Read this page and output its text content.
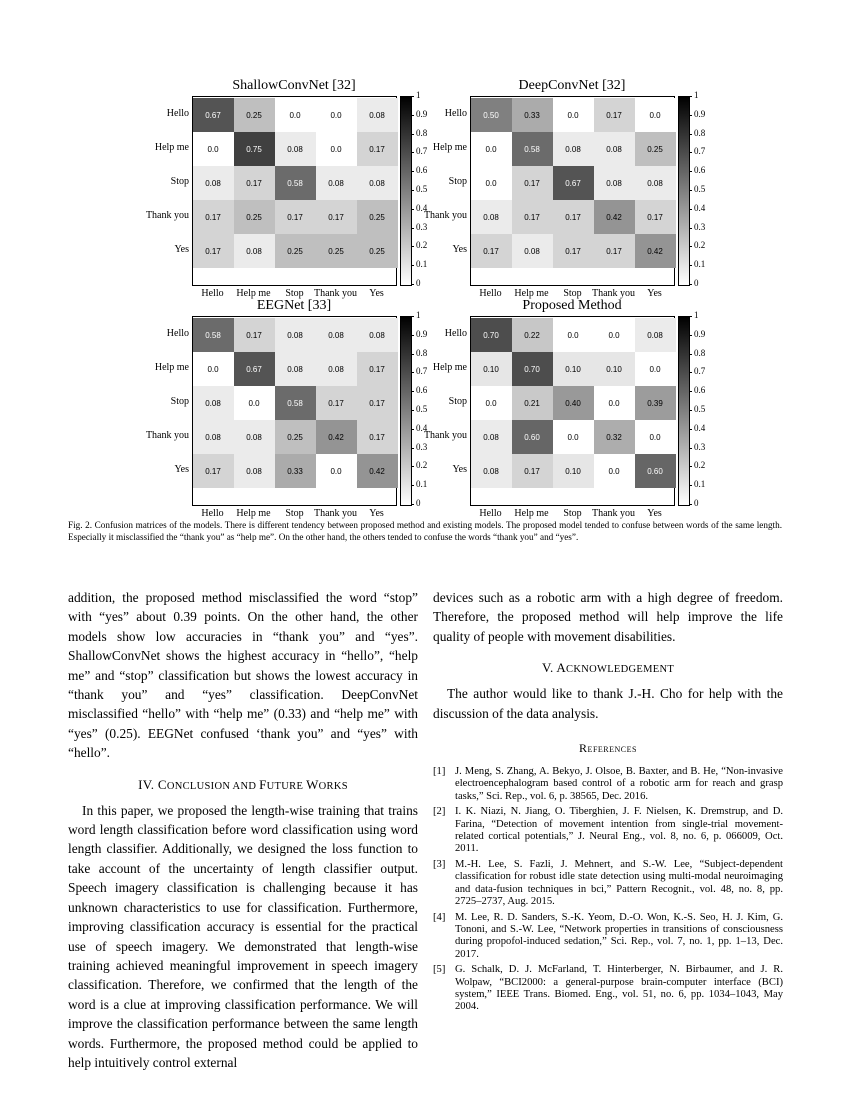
ShallowConvNet [32]
0.67	0.25	0.0	0.0	0.08
0.0	0.75	0.08	0.0	0.17
0.08	0.17	0.58	0.08	0.08
0.17	0.25	0.17	0.17	0.25
0.17	0.08	0.25	0.25	0.25
Hello
Help me
Stop
Thank you
Yes
Hello Help me Stop Thank you Yes
1
0.9
0.8
0.7
0.6
0.5
0.4
0.3
0.2
0.1
0
DeepConvNet [32]
0.50	0.33	0.0	0.17	0.0
0.0	0.58	0.08	0.08	0.25
0.0	0.17	0.67	0.08	0.08
0.08	0.17	0.17	0.42	0.17
0.17	0.08	0.17	0.17	0.42
Hello
Help me
Stop
Thank you
Yes
Hello Help me Stop Thank you Yes
1
0.9
0.8
0.7
0.6
0.5
0.4
0.3
0.2
0.1
0
EEGNet [33]
0.58	0.17	0.08	0.08	0.08
0.0	0.67	0.08	0.08	0.17
0.08	0.0	0.58	0.17	0.17
0.08	0.08	0.25	0.42	0.17
0.17	0.08	0.33	0.0	0.42
Hello
Help me
Stop
Thank you
Yes
Hello Help me Stop Thank you Yes
1
0.9
0.8
0.7
0.6
0.5
0.4
0.3
0.2
0.1
0
Proposed Method
0.70	0.22	0.0	0.0	0.08
0.10	0.70	0.10	0.10	0.0
0.0	0.21	0.40	0.0	0.39
0.08	0.60	0.0	0.32	0.0
0.08	0.17	0.10	0.0	0.60
Hello
Help me
Stop
Thank you
Yes
Hello Help me Stop Thank you Yes
1
0.9
0.8
0.7
0.6
0.5
0.4
0.3
0.2
0.1
0
Fig. 2. Confusion matrices of the models. There is different tendency between proposed method and existing models. The proposed model tended to confuse between words of the same length. Especially it misclassified the “thank you” as “help me”. On the other hand, the others tended to confuse the words “thank you” and “yes”.

addition, the proposed method misclassified the word “stop” with “yes” about 0.39 points. On the other hand, the other models show low accuracies in “thank you” and “yes”. ShallowConvNet shows the highest accuracy in “hello”, “help me” and “stop” classification but shows the lowest accuracy in “thank you” and “yes” classification. DeepConvNet misclassified “hello” with “help me” (0.33) and “help me” with “yes” (0.25). EEGNet confused ‘thank you” and “yes” with “hello”.

IV. CONCLUSION AND FUTURE WORKS

In this paper, we proposed the length-wise training that trains word length classification before word classification using word length classifier. Additionally, we designed the loss function to take account of the uncertainty of length classifier output. Speech imagery classification is challenging because it has unknown characteristics to use for classification. Furthermore, improving classification accuracy is essential for the practical use of speech imagery. We demonstrated that length-wise training achieved meaningful improvement in speech imagery classification. Therefore, we confirmed that the length of the word is a clue at improving classification performance. We will improve the classification performance between the same length words. Furthermore, the proposed method could be applied to help intuitively control external

devices such as a robotic arm with a high degree of freedom. Therefore, the proposed method will help improve the life quality of people with movement disabilities.

V. ACKNOWLEDGEMENT

The author would like to thank J.-H. Cho for help with the discussion of the data analysis.

References

[1] J. Meng, S. Zhang, A. Bekyo, J. Olsoe, B. Baxter, and B. He, “Non-invasive electroencephalogram based control of a robotic arm for reach and grasp tasks,” Sci. Rep., vol. 6, p. 38565, Dec. 2016.
[2] I. K. Niazi, N. Jiang, O. Tiberghien, J. F. Nielsen, K. Dremstrup, and D. Farina, “Detection of movement intention from single-trial movement-related cortical potentials,” J. Neural Eng., vol. 8, no. 6, p. 066009, Oct. 2011.
[3] M.-H. Lee, S. Fazli, J. Mehnert, and S.-W. Lee, “Subject-dependent classification for robust idle state detection using multi-modal neuroimaging and data-fusion techniques in bci,” Pattern Recognit., vol. 48, no. 8, pp. 2725–2737, Aug. 2015.
[4] M. Lee, R. D. Sanders, S.-K. Yeom, D.-O. Won, K.-S. Seo, H. J. Kim, G. Tononi, and S.-W. Lee, “Network properties in transitions of consciousness during propofol-induced sedation,” Sci. Rep., vol. 7, no. 1, pp. 1–13, Dec. 2017.
[5] G. Schalk, D. J. McFarland, T. Hinterberger, N. Birbaumer, and J. R. Wolpaw, “BCI2000: a general-purpose brain-computer interface (BCI) system,” IEEE Trans. Biomed. Eng., vol. 51, no. 6, pp. 1034–1043, May 2004.
